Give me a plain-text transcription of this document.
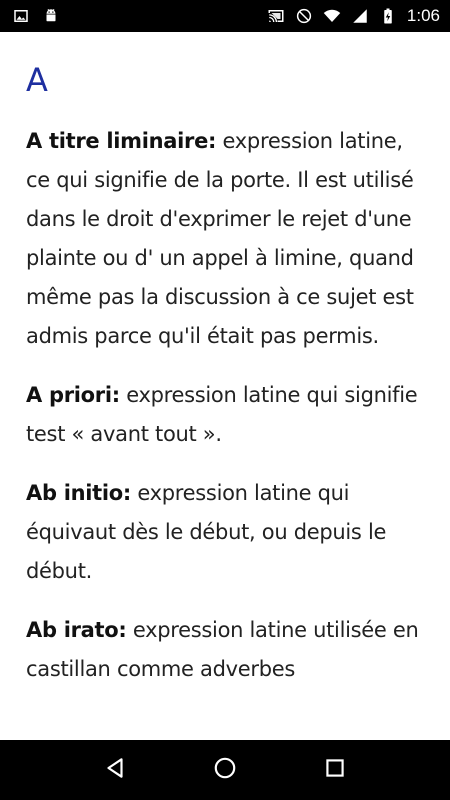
1:06
A

A titre liminaire: expression latine, ce qui signifie de la porte. Il est utilisé dans le droit d'exprimer le rejet d'une plainte ou d' un appel à limine, quand même pas la discussion à ce sujet est admis parce qu'il était pas permis.

A priori: expression latine qui signifie test « avant tout ».

Ab initio: expression latine qui équivaut dès le début, ou depuis le début.

Ab irato: expression latine utilisée en castillan comme adverbes
